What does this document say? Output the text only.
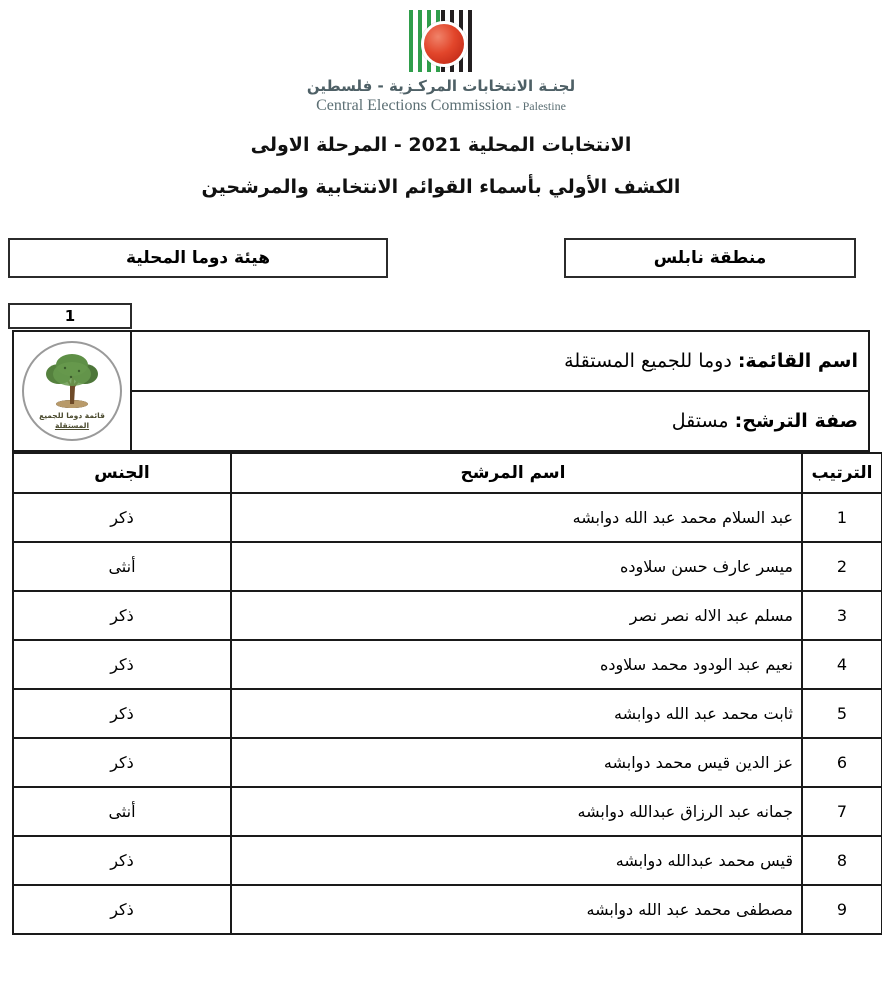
لجنـة الانتخابات المركـزية - فلسطين
Central Elections Commission - Palestine
الانتخابات المحلية 2021 - المرحلة الاولى
الكشف الأولي بأسماء القوائم الانتخابية والمرشحين
منطقة نابلس
هيئة دوما المحلية
1
اسم القائمة:
دوما للجميع المستقلة
صفة الترشح:
مستقل
قائمة دوما للجميع
المستقلة
الترتيب	اسم المرشح	الجنس
1	عبد السلام محمد عبد الله دوابشه	ذكر
2	ميسر عارف حسن سلاوده	أنثى
3	مسلم عبد الاله نصر نصر	ذكر
4	نعيم عبد الودود محمد سلاوده	ذكر
5	ثابت محمد عبد الله دوابشه	ذكر
6	عز الدين قيس محمد دوابشه	ذكر
7	جمانه عبد الرزاق عبدالله دوابشه	أنثى
8	قيس محمد عبدالله دوابشه	ذكر
9	مصطفى محمد عبد الله دوابشه	ذكر
